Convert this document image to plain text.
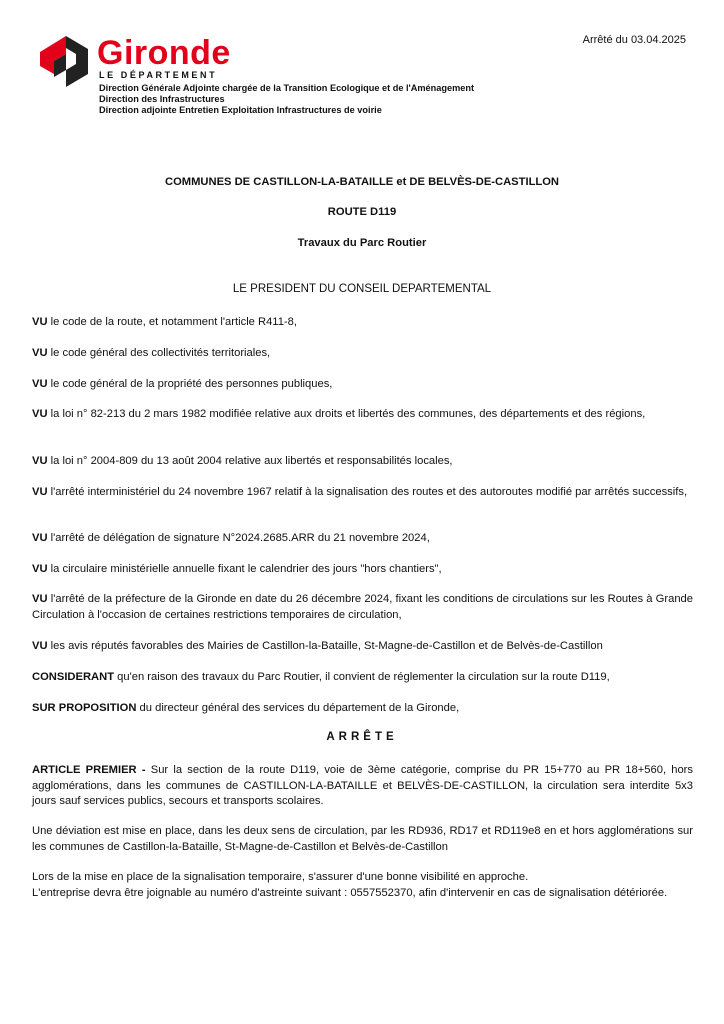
Gironde
LE DÉPARTEMENT
Direction Générale Adjointe chargée de la Transition Ecologique et de l'Aménagement
Direction des Infrastructures
Direction adjointe Entretien Exploitation Infrastructures de voirie
Arrêté du 03.04.2025
COMMUNES DE CASTILLON-LA-BATAILLE et DE BELVÈS-DE-CASTILLON
ROUTE D119
Travaux du Parc Routier
LE PRESIDENT DU CONSEIL DEPARTEMENTAL
VU le code de la route, et notamment l'article R411-8,
VU le code général des collectivités territoriales,
VU le code général de la propriété des personnes publiques,
VU la loi n° 82-213 du 2 mars 1982 modifiée relative aux droits et libertés des communes, des départements et des régions,
VU la loi n° 2004-809 du 13 août 2004 relative aux libertés et responsabilités locales,
VU l'arrêté interministériel du 24 novembre 1967 relatif à la signalisation des routes et des autoroutes modifié par arrêtés successifs,
VU l'arrêté de délégation de signature N°2024.2685.ARR du 21 novembre 2024,
VU la circulaire ministérielle annuelle fixant le calendrier des jours "hors chantiers",
VU l'arrêté de la préfecture de la Gironde en date du 26 décembre 2024, fixant les conditions de circulations sur les Routes à Grande Circulation à l'occasion de certaines restrictions temporaires de circulation,
VU les avis réputés favorables des Mairies de Castillon-la-Bataille, St-Magne-de-Castillon et de Belvès-de-Castillon
CONSIDERANT qu'en raison des travaux du Parc Routier, il convient de réglementer la circulation sur la route D119,
SUR PROPOSITION du directeur général des services du département de la Gironde,
ARRÊTE
ARTICLE PREMIER - Sur la section de la route D119, voie de 3ème catégorie, comprise du PR 15+770 au PR 18+560, hors agglomérations, dans les communes de CASTILLON-LA-BATAILLE et BELVÈS-DE-CASTILLON, la circulation sera interdite 5x3 jours sauf services publics, secours et transports scolaires.
Une déviation est mise en place, dans les deux sens de circulation, par les RD936, RD17 et RD119e8 en et hors agglomérations sur les communes de Castillon-la-Bataille, St-Magne-de-Castillon et Belvès-de-Castillon
Lors de la mise en place de la signalisation temporaire, s'assurer d'une bonne visibilité en approche.
L'entreprise devra être joignable au numéro d'astreinte suivant : 0557552370, afin d'intervenir en cas de signalisation détériorée.
